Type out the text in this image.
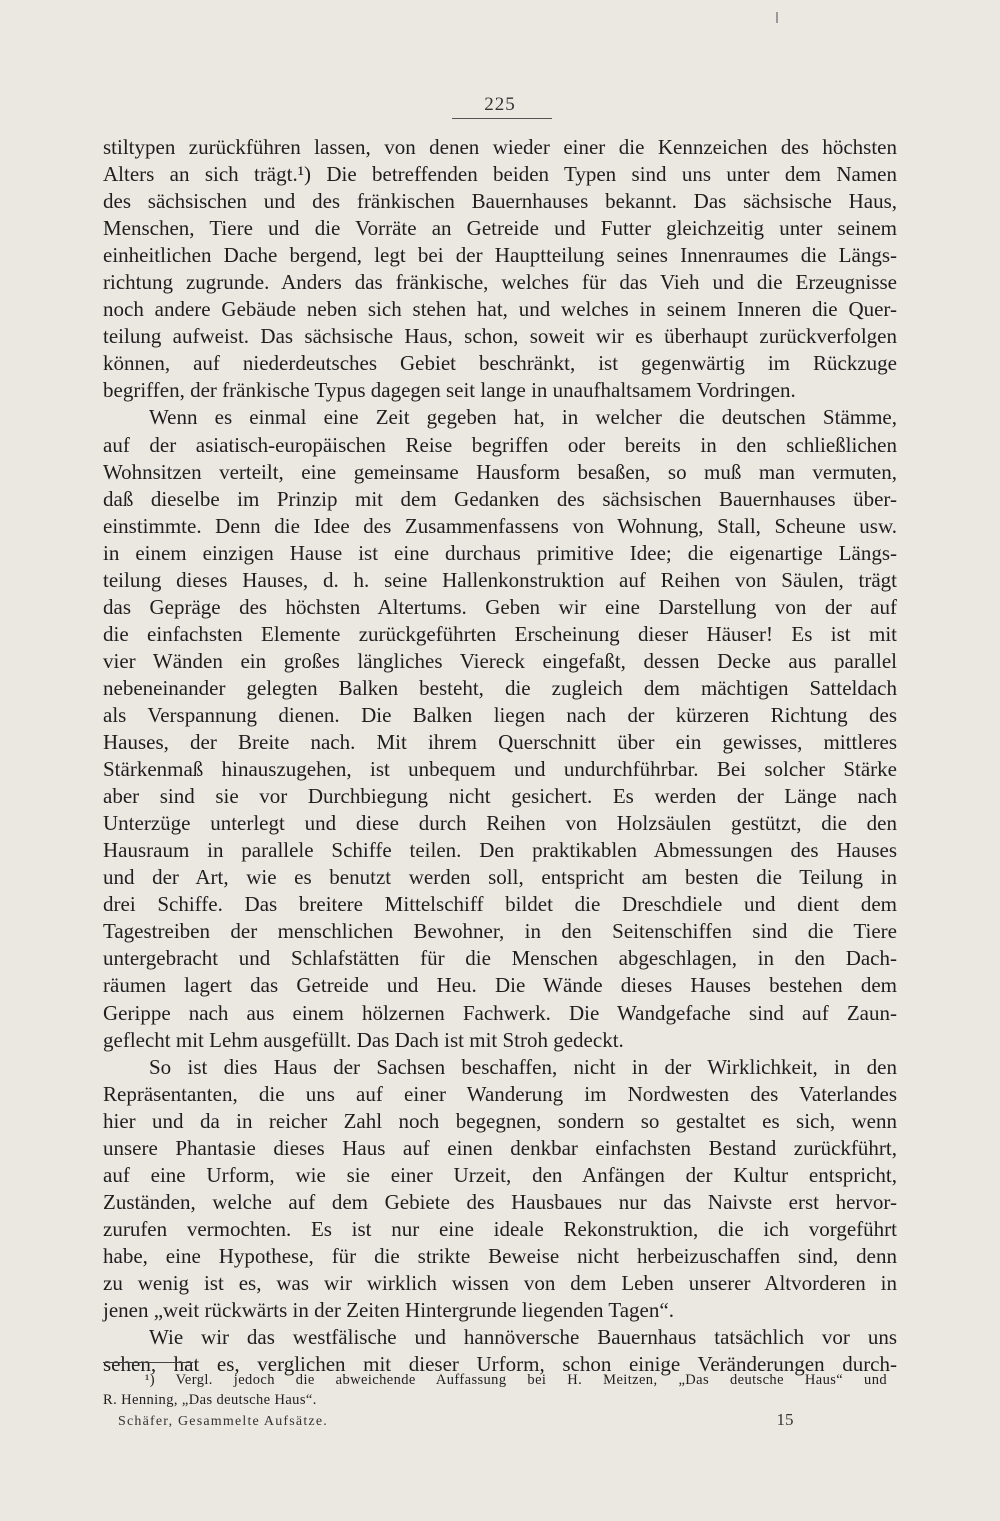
225
stiltypen zurückführen lassen, von denen wieder einer die Kennzeichen des höchsten
Alters an sich trägt.¹) Die betreffenden beiden Typen sind uns unter dem Namen
des sächsischen und des fränkischen Bauernhauses bekannt. Das sächsische Haus,
Menschen, Tiere und die Vorräte an Getreide und Futter gleichzeitig unter seinem
einheitlichen Dache bergend, legt bei der Hauptteilung seines Innenraumes die Längs-
richtung zugrunde. Anders das fränkische, welches für das Vieh und die Erzeugnisse
noch andere Gebäude neben sich stehen hat, und welches in seinem Inneren die Quer-
teilung aufweist. Das sächsische Haus, schon, soweit wir es überhaupt zurückverfolgen
können, auf niederdeutsches Gebiet beschränkt, ist gegenwärtig im Rückzuge
begriffen, der fränkische Typus dagegen seit lange in unaufhaltsamem Vordringen.
Wenn es einmal eine Zeit gegeben hat, in welcher die deutschen Stämme,
auf der asiatisch-europäischen Reise begriffen oder bereits in den schließlichen
Wohnsitzen verteilt, eine gemeinsame Hausform besaßen, so muß man vermuten,
daß dieselbe im Prinzip mit dem Gedanken des sächsischen Bauernhauses über-
einstimmte. Denn die Idee des Zusammenfassens von Wohnung, Stall, Scheune usw.
in einem einzigen Hause ist eine durchaus primitive Idee; die eigenartige Längs-
teilung dieses Hauses, d. h. seine Hallenkonstruktion auf Reihen von Säulen, trägt
das Gepräge des höchsten Altertums. Geben wir eine Darstellung von der auf
die einfachsten Elemente zurückgeführten Erscheinung dieser Häuser! Es ist mit
vier Wänden ein großes längliches Viereck eingefaßt, dessen Decke aus parallel
nebeneinander gelegten Balken besteht, die zugleich dem mächtigen Satteldach
als Verspannung dienen. Die Balken liegen nach der kürzeren Richtung des
Hauses, der Breite nach. Mit ihrem Querschnitt über ein gewisses, mittleres
Stärkenmaß hinauszugehen, ist unbequem und undurchführbar. Bei solcher Stärke
aber sind sie vor Durchbiegung nicht gesichert. Es werden der Länge nach
Unterzüge unterlegt und diese durch Reihen von Holzsäulen gestützt, die den
Hausraum in parallele Schiffe teilen. Den praktikablen Abmessungen des Hauses
und der Art, wie es benutzt werden soll, entspricht am besten die Teilung in
drei Schiffe. Das breitere Mittelschiff bildet die Dreschdiele und dient dem
Tagestreiben der menschlichen Bewohner, in den Seitenschiffen sind die Tiere
untergebracht und Schlafstätten für die Menschen abgeschlagen, in den Dach-
räumen lagert das Getreide und Heu. Die Wände dieses Hauses bestehen dem
Gerippe nach aus einem hölzernen Fachwerk. Die Wandgefache sind auf Zaun-
geflecht mit Lehm ausgefüllt. Das Dach ist mit Stroh gedeckt.
So ist dies Haus der Sachsen beschaffen, nicht in der Wirklichkeit, in den
Repräsentanten, die uns auf einer Wanderung im Nordwesten des Vaterlandes
hier und da in reicher Zahl noch begegnen, sondern so gestaltet es sich, wenn
unsere Phantasie dieses Haus auf einen denkbar einfachsten Bestand zurückführt,
auf eine Urform, wie sie einer Urzeit, den Anfängen der Kultur entspricht,
Zuständen, welche auf dem Gebiete des Hausbaues nur das Naivste erst hervor-
zurufen vermochten. Es ist nur eine ideale Rekonstruktion, die ich vorgeführt
habe, eine Hypothese, für die strikte Beweise nicht herbeizuschaffen sind, denn
zu wenig ist es, was wir wirklich wissen von dem Leben unserer Altvorderen in
jenen „weit rückwärts in der Zeiten Hintergrunde liegenden Tagen“.
Wie wir das westfälische und hannöversche Bauernhaus tatsächlich vor uns
sehen, hat es, verglichen mit dieser Urform, schon einige Veränderungen durch-
¹) Vergl. jedoch die abweichende Auffassung bei H. Meitzen, „Das deutsche Haus“ und
R. Henning, „Das deutsche Haus“.
Schäfer, Gesammelte Aufsätze.	15
